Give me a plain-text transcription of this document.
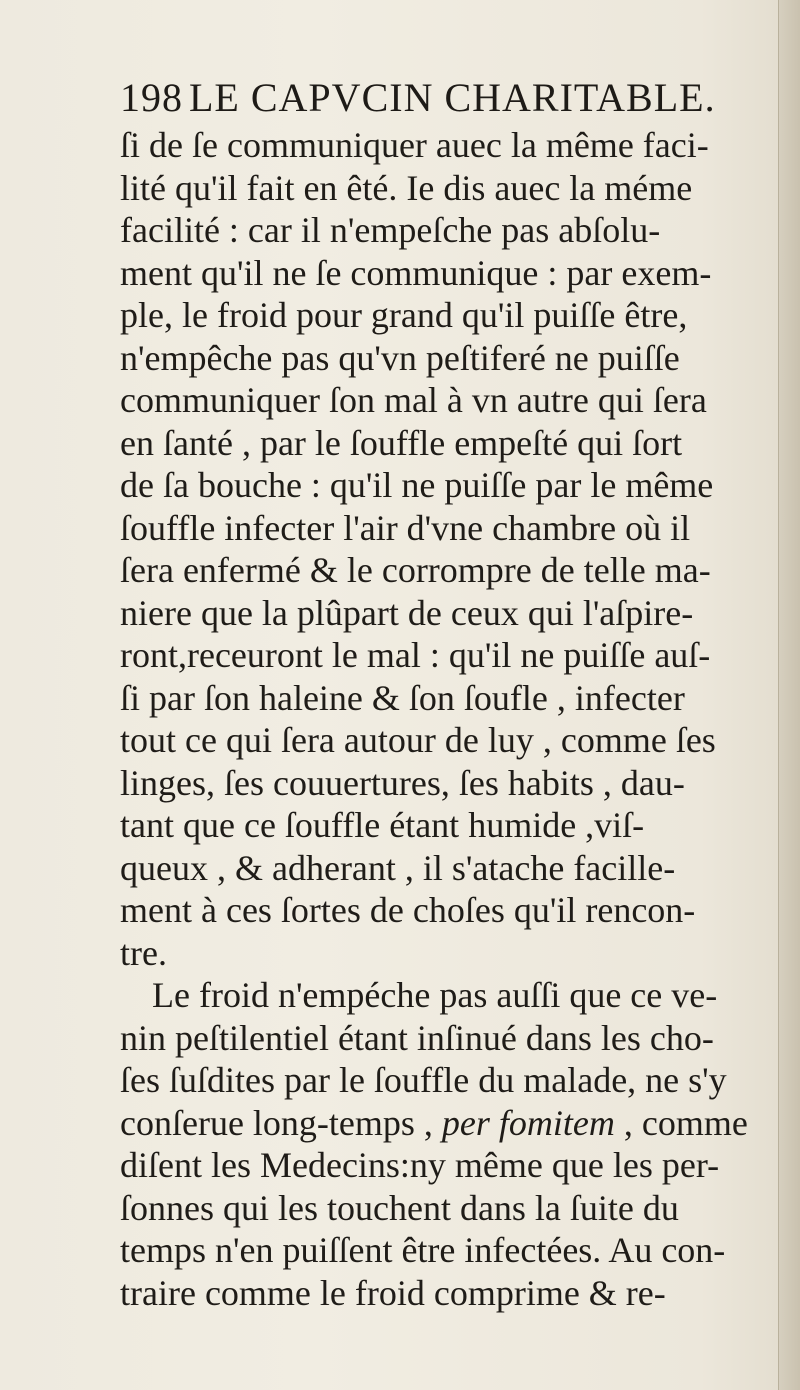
198 LE CAPVCIN CHARITABLE.
ſi de ſe communiquer auec la même faci-
lité qu'il fait en êté. Ie dis auec la méme
facilité : car il n'empeſche pas abſolu-
ment qu'il ne ſe communique : par exem-
ple, le froid pour grand qu'il puiſſe être,
n'empêche pas qu'vn peſtiferé ne puiſſe
communiquer ſon mal à vn autre qui ſera
en ſanté , par le ſouffle empeſté qui ſort
de ſa bouche : qu'il ne puiſſe par le même
ſouffle infecter l'air d'vne chambre où il
ſera enfermé & le corrompre de telle ma-
niere que la plûpart de ceux qui l'aſpire-
ront,receuront le mal : qu'il ne puiſſe auſ-
ſi par ſon haleine & ſon ſoufle , infecter
tout ce qui ſera autour de luy , comme ſes
linges, ſes couuertures, ſes habits , dau-
tant que ce ſouffle étant humide ,viſ-
queux , & adherant , il s'atache facille-
ment à ces ſortes de choſes qu'il rencon-
tre.
Le froid n'empéche pas auſſi que ce ve-
nin peſtilentiel étant inſinué dans les cho-
ſes ſuſdites par le ſouffle du malade, ne s'y
conſerue long-temps , per fomitem , comme
diſent les Medecins:ny même que les per-
ſonnes qui les touchent dans la ſuite du
temps n'en puiſſent être infectées. Au con-
traire comme le froid comprime & re-
